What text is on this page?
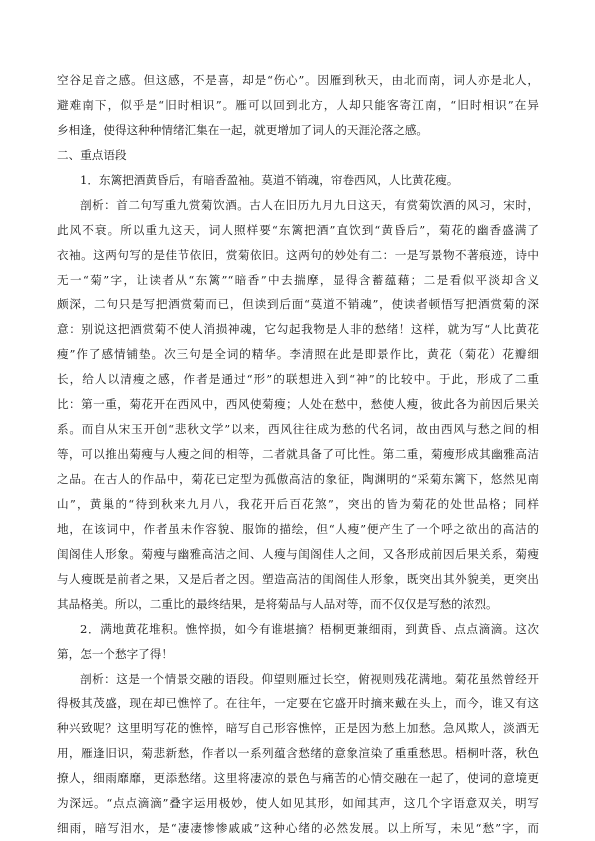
空谷足音之感。但这感，不是喜，却是“伤心”。因雁到秋天，由北而南，词人亦是北人，
避难南下，似乎是“旧时相识”。雁可以回到北方，人却只能客寄江南，“旧时相识”在异
乡相逢，使得这种种情绪汇集在一起，就更增加了词人的天涯沦落之感。
二、重点语段
1．东篱把酒黄昏后，有暗香盈袖。莫道不销魂，帘卷西风，人比黄花瘦。
剖析：首二句写重九赏菊饮酒。古人在旧历九月九日这天，有赏菊饮酒的风习，宋时，
此风不衰。所以重九这天，词人照样要“东篱把酒”直饮到“黄昏后”，菊花的幽香盛满了
衣袖。这两句写的是佳节依旧，赏菊依旧。这两句的妙处有二：一是写景物不著痕迹，诗中
无一“菊”字，让读者从“东篱”“暗香”中去揣摩，显得含蓄蕴藉；二是看似平淡却含义
颇深，二句只是写把酒赏菊而已，但读到后面“莫道不销魂”，使读者顿悟写把酒赏菊的深
意：别说这把酒赏菊不使人消损神魂，它勾起我物是人非的愁绪！这样，就为写“人比黄花
瘦”作了感情铺垫。次三句是全词的精华。李清照在此是即景作比，黄花（菊花）花瓣细
长，给人以清瘦之感，作者是通过“形”的联想进入到“神”的比较中。于此，形成了二重
比：第一重，菊花开在西风中，西风使菊瘦；人处在愁中，愁使人瘦，彼此各为前因后果关
系。而自从宋玉开创“悲秋文学”以来，西风往往成为愁的代名词，故由西风与愁之间的相
等，可以推出菊瘦与人瘦之间的相等，二者就具备了可比性。第二重，菊瘦形成其幽雅高洁
之品。在古人的作品中，菊花已定型为孤傲高洁的象征，陶渊明的“采菊东篱下，悠然见南
山”，黄巢的“待到秋来九月八，我花开后百花煞”，突出的皆为菊花的处世品格；同样
地，在该词中，作者虽未作容貌、服饰的描绘，但“人瘦”便产生了一个呼之欲出的高洁的
闺阁佳人形象。菊瘦与幽雅高洁之间、人瘦与闺阁佳人之间，又各形成前因后果关系，菊瘦
与人瘦既是前者之果，又是后者之因。塑造高洁的闺阁佳人形象，既突出其外貌美，更突出
其品格美。所以，二重比的最终结果，是将菊品与人品对等，而不仅仅是写愁的浓烈。
2．满地黄花堆积。憔悴损，如今有谁堪摘？梧桐更兼细雨，到黄昏、点点滴滴。这次
第，怎一个愁字了得！
剖析：这是一个情景交融的语段。仰望则雁过长空，俯视则残花满地。菊花虽然曾经开
得极其茂盛，现在却已憔悴了。在往年，一定要在它盛开时摘来戴在头上，而今，谁又有这
种兴致呢？这里明写花的憔悴，暗写自己形容憔悴，正是因为愁上加愁。急风欺人，淡酒无
用，雁逢旧识，菊悲新愁，作者以一系列蕴含愁绪的意象渲染了重重愁思。梧桐叶落，秋色
撩人，细雨靡靡，更添愁绪。这里将凄凉的景色与痛苦的心情交融在一起了，使词的意境更
为深远。“点点滴滴”叠字运用极妙，使人如见其形，如闻其声，这几个字语意双关，明写
细雨，暗写泪水，是“凄凄惨惨戚戚”这种心绪的必然发展。以上所写，未见“愁”字，而
